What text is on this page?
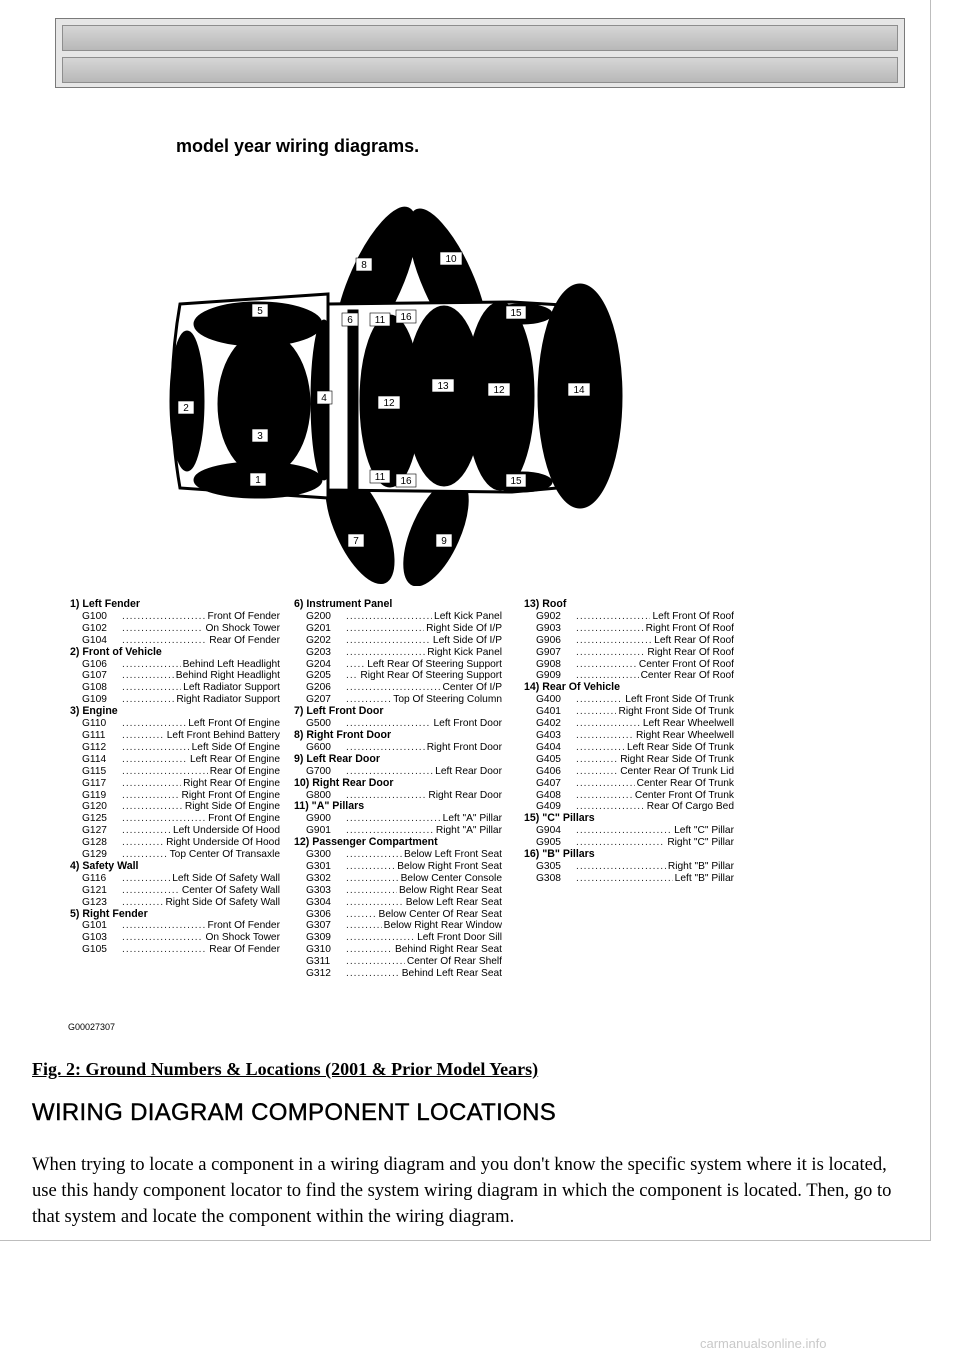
model year wiring diagrams.
5
2
3
4
1
6
8
10
11 16	15
12
13	12	14
11 16	15
7	9
1) Left Fender
G100 .....	Front Of Fender
G102 .....	On Shock Tower
G104 .....	Rear Of Fender
2) Front of Vehicle
G106 .....	Behind Left Headlight
G107 .....	Behind Right Headlight
G108 .....	Left Radiator Support
G109 .....	Right Radiator Support
3) Engine
G110 .....	Left Front Of Engine
G111 .....	Left Front Behind Battery
G112 .....	Left Side Of Engine
G114 .....	Left Rear Of Engine
G115 .....	Rear Of Engine
G117 .....	Right Rear Of Engine
G119 .....	Right Front Of Engine
G120 .....	Right Side Of Engine
G125 .....	Front Of Engine
G127 .....	Left Underside Of Hood
G128 .....	Right Underside Of Hood
G129 .....	Top Center Of Transaxle
4) Safety Wall
G116 .....	Left Side Of Safety Wall
G121 .....	Center Of Safety Wall
G123 .....	Right Side Of Safety Wall
5) Right Fender
G101 .....	Front Of Fender
G103 .....	On Shock Tower
G105 .....	Rear Of Fender
6) Instrument Panel
G200 .....	Left Kick Panel
G201 .....	Right Side Of I/P
G202 .....	Left Side Of I/P
G203 .....	Right Kick Panel
G204 .....	Left Rear Of Steering Support
G205 .....	Right Rear Of Steering Support
G206 .....	Center Of I/P
G207 .....	Top Of Steering Column
7) Left Front Door
G500 .....	Left Front Door
8) Right Front Door
G600 .....	Right Front Door
9) Left Rear Door
G700 .....	Left Rear Door
10) Right Rear Door
G800 .....	Right Rear Door
11) "A" Pillars
G900 .....	Left "A" Pillar
G901 .....	Right "A" Pillar
12) Passenger Compartment
G300 .....	Below Left Front Seat
G301 .....	Below Right Front Seat
G302 .....	Below Center Console
G303 .....	Below Right Rear Seat
G304 .....	Below Left Rear Seat
G306 .....	Below Center Of Rear Seat
G307 .....	Below Right Rear Window
G309 .....	Left Front Door Sill
G310 .....	Behind Right Rear Seat
G311 .....	Center Of Rear Shelf
G312 .....	Behind Left Rear Seat
13) Roof
G902 .....	Left Front Of Roof
G903 .....	Right Front Of Roof
G906 .....	Left Rear Of Roof
G907 .....	Right Rear Of Roof
G908 .....	Center Front Of Roof
G909 .....	Center Rear Of Roof
14) Rear Of Vehicle
G400 .....	Left Front Side Of Trunk
G401 .....	Right Front Side Of Trunk
G402 .....	Left Rear Wheelwell
G403 .....	Right Rear Wheelwell
G404 .....	Left Rear Side Of Trunk
G405 .....	Right Rear Side Of Trunk
G406 .....	Center Rear Of Trunk Lid
G407 .....	Center Rear Of Trunk
G408 .....	Center Front Of Trunk
G409 .....	Rear Of Cargo Bed
15) "C" Pillars
G904 .....	Left "C" Pillar
G905 .....	Right "C" Pillar
16) "B" Pillars
G305 .....	Right "B" Pillar
G308 .....	Left "B" Pillar
G00027307
Fig. 2: Ground Numbers & Locations (2001 & Prior Model Years)
WIRING DIAGRAM COMPONENT LOCATIONS

When trying to locate a component in a wiring diagram and you don't know the specific system where it is located, use this handy component locator to find the system wiring diagram in which the component is located. Then, go to that system and locate the component within the wiring diagram.

carmanualsonline.info
